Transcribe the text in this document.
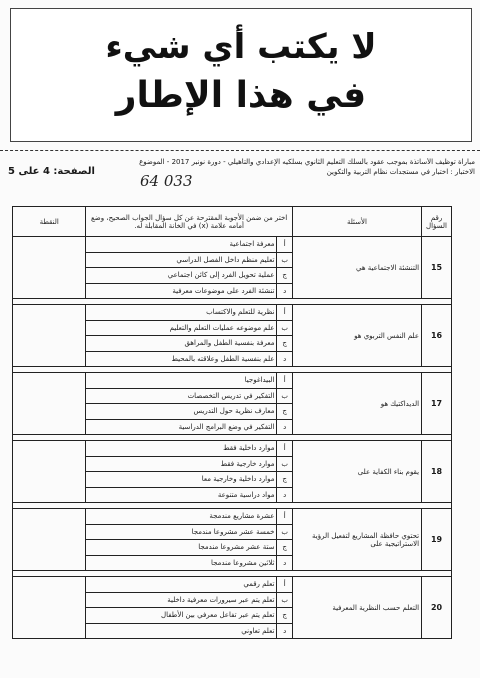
لا يكتب أي شيء
في هذا الإطار
مباراة توظيف الأساتذة بموجب عقود بالسلك التعليم الثانوي بسلكيه الإعدادي والتأهيلي - دورة نونبر 2017 - الموضوع
الاختبار : اختبار في مستجدات نظام التربية والتكوين
الصفحة: 4 على 5
64 033
رقم السؤال	الأسئلة	اختر من ضمن الأجوبة المقترحة عن كل سؤال الجواب الصحيح، وضع أمامه علامة (x) في الخانة المقابلة له.		النقطة
15	التنشئة الاجتماعية هي	أ	معرفة اجتماعية	
		ب	تعليم منظم داخل الفصل الدراسي	
		ج	عملية تحويل الفرد إلى كائن اجتماعي	
		د	تنشئة الفرد على موضوعات معرفية	

16	علم النفس التربوي هو	أ	نظرية للتعلم والاكتساب	
		ب	علم موضوعه عمليات التعلم والتعليم	
		ج	معرفة بنفسية الطفل والمراهق	
		د	علم بنفسية الطفل وعلاقته بالمحيط	

17	الديداكتيك هو	أ	البيداغوجيا	
		ب	التفكير في تدريس التخصصات	
		ج	معارف نظرية حول التدريس	
		د	التفكير في وضع البرامج الدراسية	

18	يقوم بناء الكفاية على	أ	موارد داخلية فقط	
		ب	موارد خارجية فقط	
		ج	موارد داخلية وخارجية معا	
		د	مواد دراسية متنوعة	

19	تحتوي حافظة المشاريع لتفعيل الرؤية الاستراتيجية على	أ	عشرة مشاريع مندمجة	
		ب	خمسة عشر مشروعا مندمجا	
		ج	ستة عشر مشروعا مندمجا	
		د	ثلاثين مشروعا مندمجا	

20	التعلم حسب النظرية المعرفية	أ	تعلم رقمي	
		ب	تعلم يتم عبر سيرورات معرفية داخلية	
		ج	تعلم يتم عبر تفاعل معرفي بين الأطفال	
		د	تعلم تعاوني	
